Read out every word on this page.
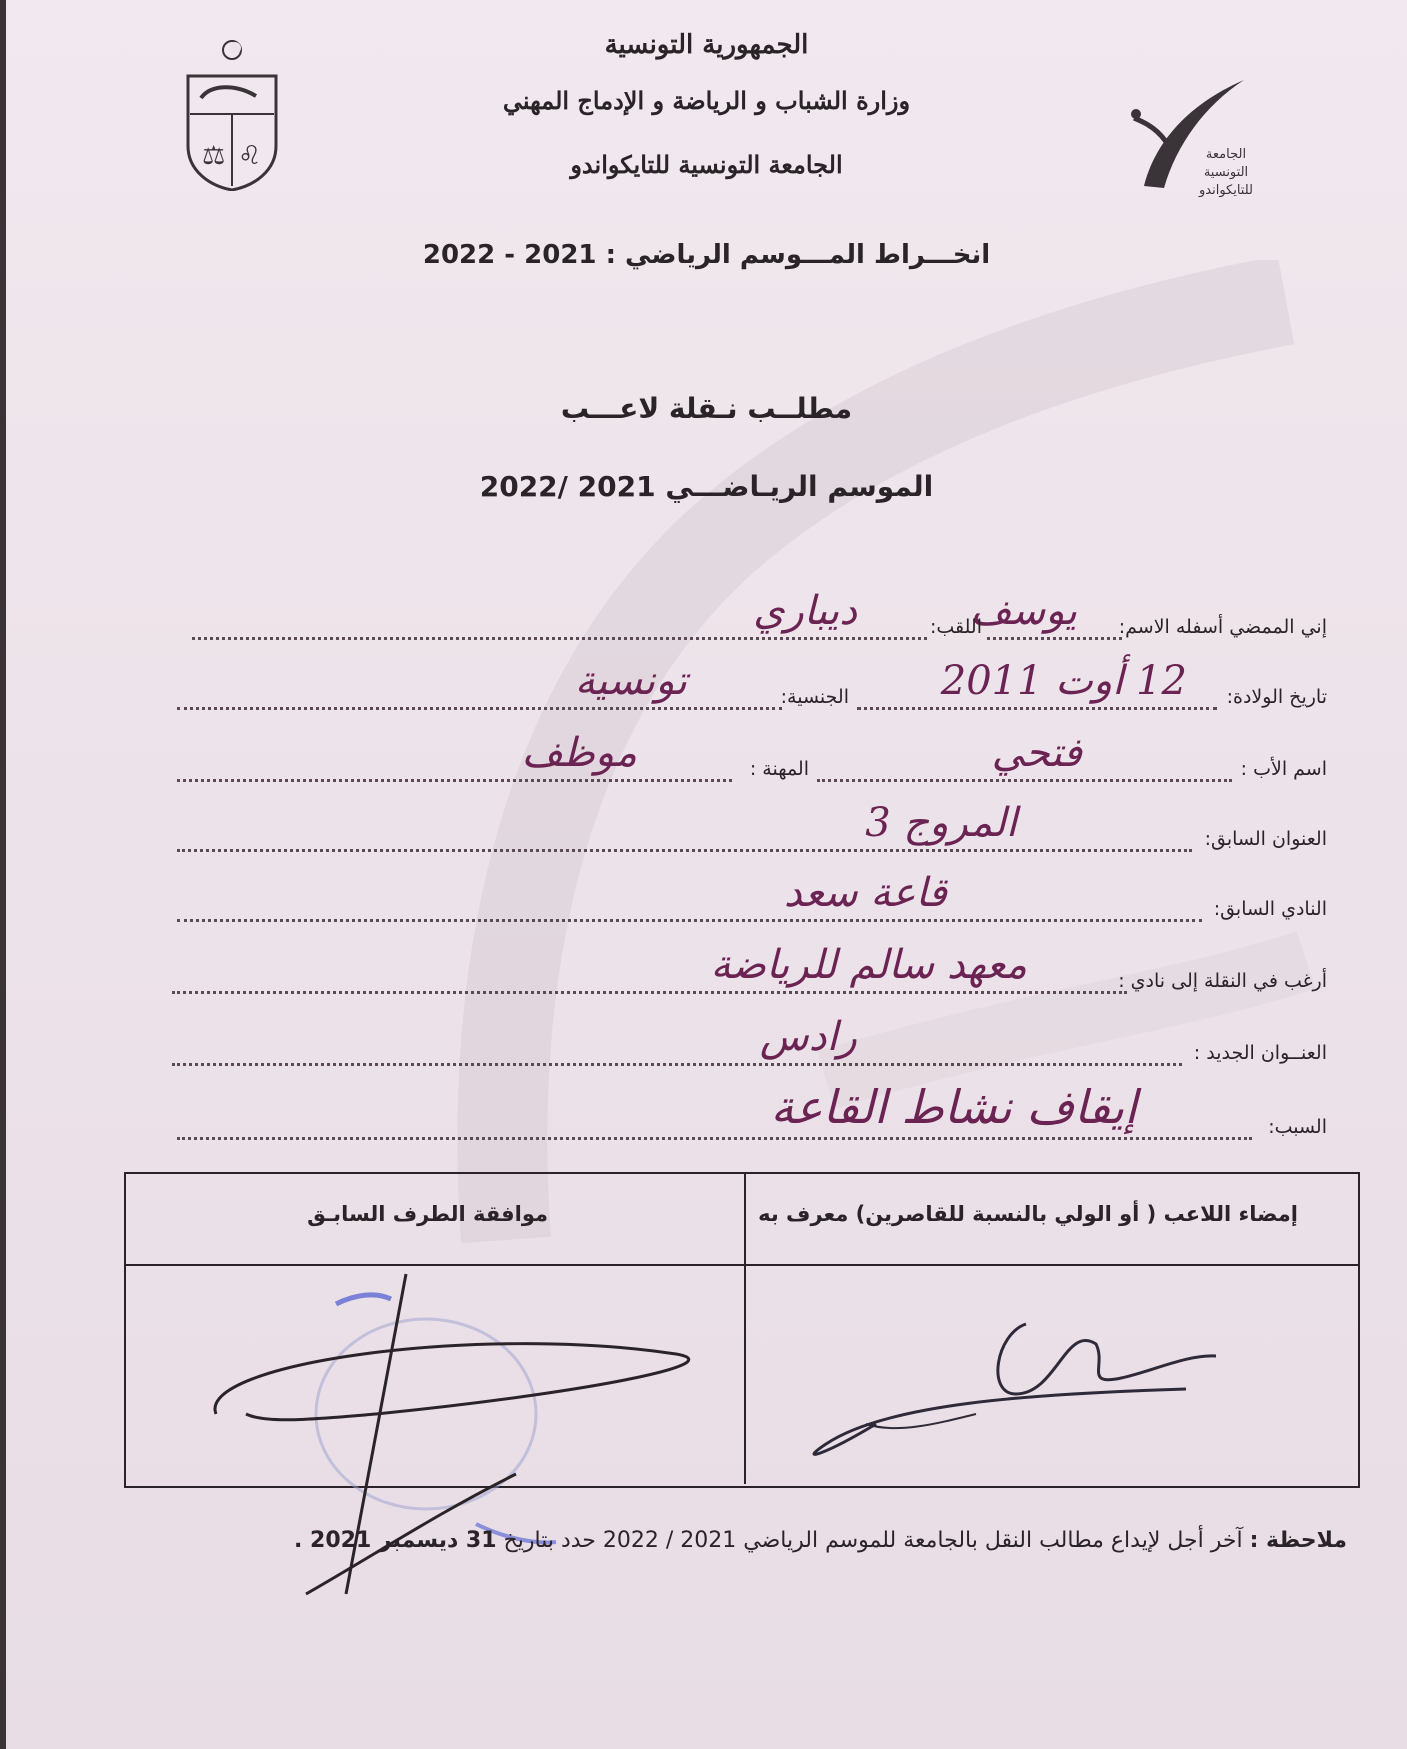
⚖ ♌	الجامعة التونسية للتايكواندو
الجمهورية التونسية
وزارة الشباب و الرياضة و الإدماج المهني
الجامعة التونسية للتايكواندو
انخـــراط المـــوسم الرياضي : 2021 - 2022
مطلــب نـقلة لاعـــب
الموسم الريـاضـــي 2021 /2022
إني الممضي أسفله الاسم:
يوسف
اللقب:
ديباري
تاريخ الولادة:
12 أوت 2011
الجنسية:
تونسية
اسم الأب :
فتحي
المهنة :
موظف
العنوان السابق:
المروج 3
النادي السابق:
قاعة سعد
أرغب في النقلة إلى نادي :
معهد سالم للرياضة
العنــوان الجديد :
رادس
السبب:
إيقاف نشاط القاعة
إمضاء اللاعب ( أو الولي بالنسبة للقاصرين) معرف به
موافقة الطرف السابـق
ملاحظة : آخر أجل لإيداع مطالب النقل بالجامعة للموسم الرياضي 2021 / 2022 حدد بتاريخ 31 ديسمبر 2021 .
